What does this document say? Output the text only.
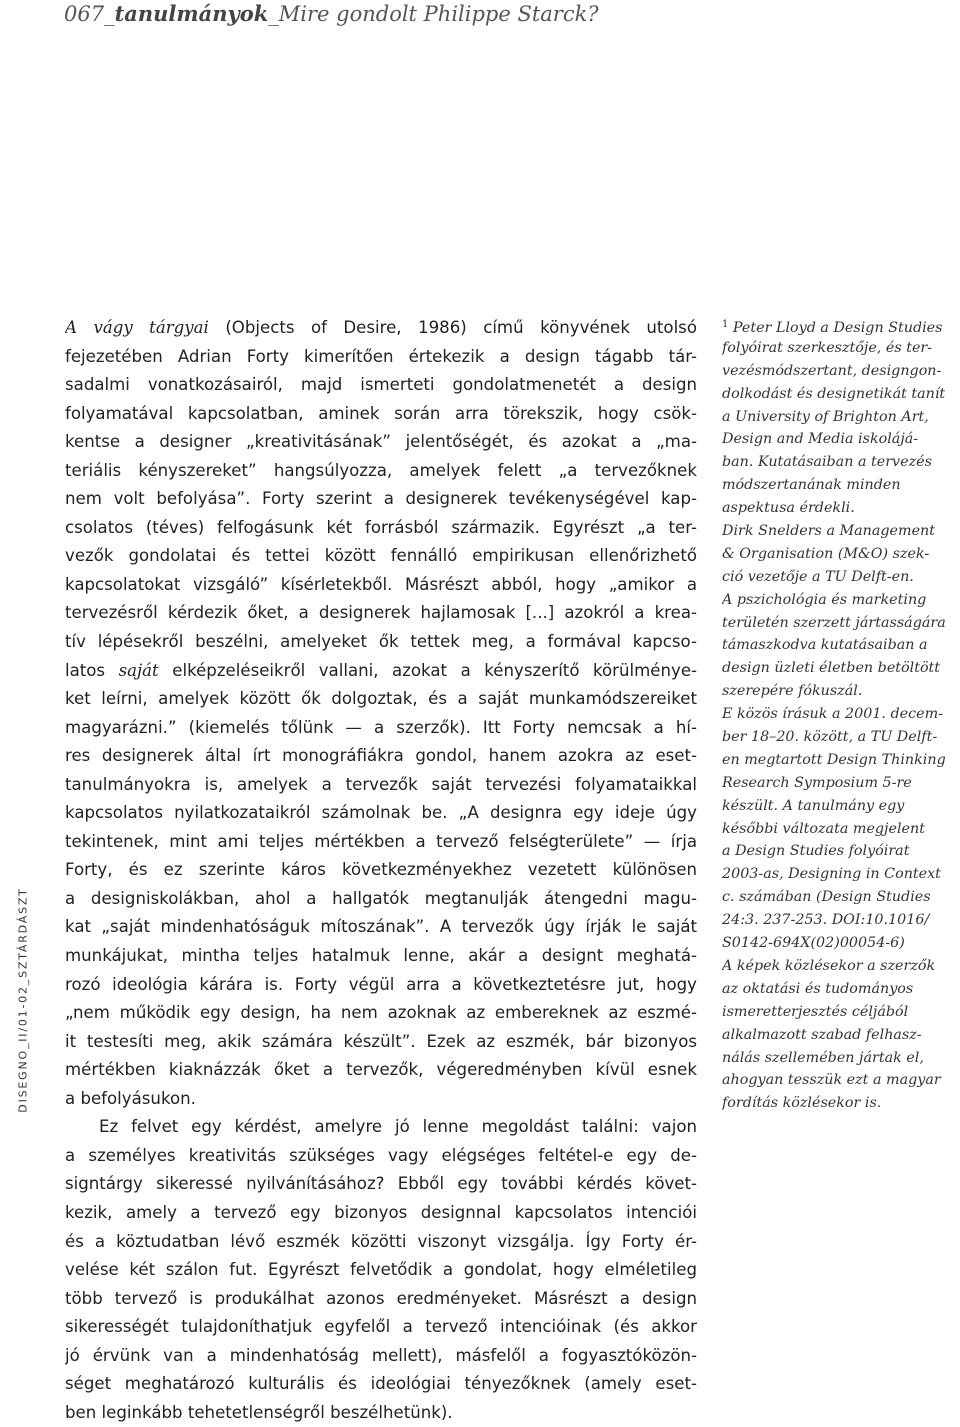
067_tanulmányok_Mire gondolt Philippe Starck?
DISEGNO_II/01-02_SZTÁRDÁSZT
A vágy tárgyai (Objects of Desire, 1986) című könyvének utolsó
fejezetében Adrian Forty kimerítően értekezik a design tágabb tár-
sadalmi vonatkozásairól, majd ismerteti gondolatmenetét a design
folyamatával kapcsolatban, aminek során arra törekszik, hogy csök-
kentse a designer „kreativitásának” jelentőségét, és azokat a „ma-
teriális kényszereket” hangsúlyozza, amelyek felett „a tervezőknek
nem volt befolyása”. Forty szerint a designerek tevékenységével kap-
csolatos (téves) felfogásunk két forrásból származik. Egyrészt „a ter-
vezők gondolatai és tettei között fennálló empirikusan ellenőrizhető
kapcsolatokat vizsgáló” kísérletekből. Másrészt abból, hogy „amikor a
tervezésről kérdezik őket, a designerek hajlamosak [...] azokról a krea-
tív lépésekről beszélni, amelyeket ők tettek meg, a formával kapcso-
latos saját elképzeléseikről vallani, azokat a kényszerítő körülménye-
ket leírni, amelyek között ők dolgoztak, és a saját munkamódszereiket
magyarázni.” (kiemelés tőlünk — a szerzők). Itt Forty nemcsak a hí-
res designerek által írt monográfiákra gondol, hanem azokra az eset-
tanulmányokra is, amelyek a tervezők saját tervezési folyamataikkal
kapcsolatos nyilatkozataikról számolnak be. „A designra egy ideje úgy
tekintenek, mint ami teljes mértékben a tervező felségterülete” — írja
Forty, és ez szerinte káros következményekhez vezetett különösen
a designiskolákban, ahol a hallgatók megtanulják átengedni magu-
kat „saját mindenhatóságuk mítoszának”. A tervezők úgy írják le saját
munkájukat, mintha teljes hatalmuk lenne, akár a designt meghatá-
rozó ideológia kárára is. Forty végül arra a következtetésre jut, hogy
„nem működik egy design, ha nem azoknak az embereknek az eszmé-
it testesíti meg, akik számára készült”. Ezek az eszmék, bár bizonyos
mértékben kiaknázzák őket a tervezők, végeredményben kívül esnek
a befolyásukon.
Ez felvet egy kérdést, amelyre jó lenne megoldást találni: vajon
a személyes kreativitás szükséges vagy elégséges feltétel-e egy de-
signtárgy sikeressé nyilvánításához? Ebből egy további kérdés követ-
kezik, amely a tervező egy bizonyos designnal kapcsolatos intenciói
és a köztudatban lévő eszmék közötti viszonyt vizsgálja. Így Forty ér-
velése két szálon fut. Egyrészt felvetődik a gondolat, hogy elméletileg
több tervező is produkálhat azonos eredményeket. Másrészt a design
sikerességét tulajdoníthatjuk egyfelől a tervező intencióinak (és akkor
jó érvünk van a mindenhatóság mellett), másfelől a fogyasztóközön-
séget meghatározó kulturális és ideológiai tényezőknek (amely eset-
ben leginkább tehetetlenségről beszélhetünk).
$^1$ Peter Lloyd a Design Studies
folyóirat szerkesztője, és ter-
vezésmódszertant, designgon-
dolkodást és designetikát tanít
a University of Brighton Art,
Design and Media iskolájá-
ban. Kutatásaiban a tervezés
módszertanának minden
aspektusa érdekli.
Dirk Snelders a Management
& Organisation (M&O) szek-
ció vezetője a TU Delft-en.
A pszichológia és marketing
területén szerzett jártasságára
támaszkodva kutatásaiban a
design üzleti életben betöltött
szerepére fókuszál.
E közös írásuk a 2001. decem-
ber 18–20. között, a TU Delft-
en megtartott Design Thinking
Research Symposium 5-re
készült. A tanulmány egy
későbbi változata megjelent
a Design Studies folyóirat
2003-as, Designing in Context
c. számában (Design Studies
24:3. 237-253. DOI:10.1016/
S0142-694X(02)00054-6)
A képek közlésekor a szerzők
az oktatási és tudományos
ismeretterjesztés céljából
alkalmazott szabad felhasz-
nálás szellemében jártak el,
ahogyan tesszük ezt a magyar
fordítás közlésekor is.
